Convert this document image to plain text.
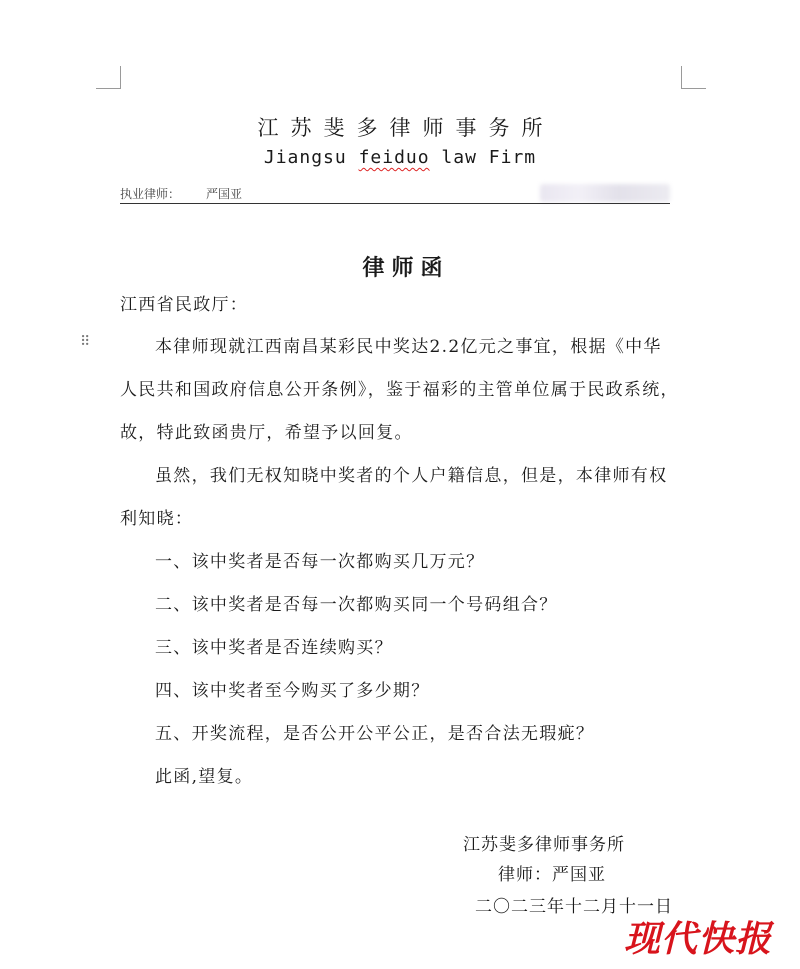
江苏斐多律师事务所
Jiangsu feiduo law Firm
执业律师： 严国亚
律师函
江西省民政厅：
⠿	本律师现就江西南昌某彩民中奖达2.2亿元之事宜，根据《中华
人民共和国政府信息公开条例》，鉴于福彩的主管单位属于民政系统，
故，特此致函贵厅，希望予以回复。
虽然，我们无权知晓中奖者的个人户籍信息，但是，本律师有权
利知晓：
一、该中奖者是否每一次都购买几万元？
二、该中奖者是否每一次都购买同一个号码组合？
三、该中奖者是否连续购买？
四、该中奖者至今购买了多少期？
五、开奖流程，是否公开公平公正，是否合法无瑕疵？
此函,望复。
江苏斐多律师事务所
律师：严国亚
二〇二三年十二月十一日
现代快报
